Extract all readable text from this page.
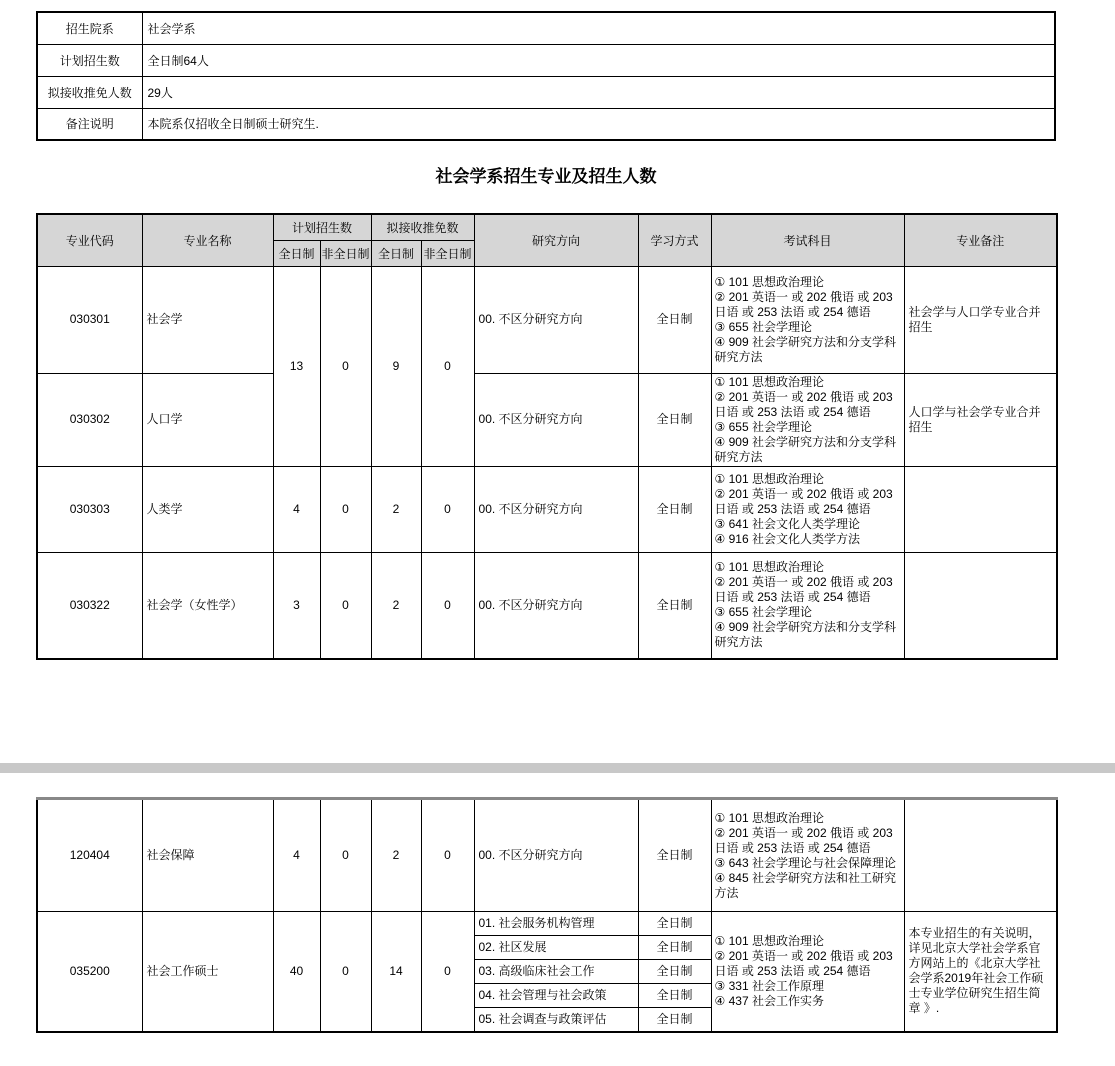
招生院系	社会学系
计划招生数	全日制64人
拟接收推免人数	29人
备注说明	本院系仅招收全日制硕士研究生.
社会学系招生专业及招生人数
专业代码	专业名称	计划招生数		拟接收推免数		研究方向	学习方式	考试科目	专业备注
		全日制	非全日制	全日制	非全日制				
030301	社会学	13	0	9	0	00. 不区分研究方向	全日制	① 101 思想政治理论
② 201 英语一 或 202 俄语 或 203 日语 或 253 法语 或 254 德语
③ 655 社会学理论
④ 909 社会学研究方法和分支学科研究方法	社会学与人口学专业合并招生
030302	人口学					00. 不区分研究方向	全日制	① 101 思想政治理论
② 201 英语一 或 202 俄语 或 203 日语 或 253 法语 或 254 德语
③ 655 社会学理论
④ 909 社会学研究方法和分支学科研究方法	人口学与社会学专业合并招生
030303	人类学	4	0	2	0	00. 不区分研究方向	全日制	① 101 思想政治理论
② 201 英语一 或 202 俄语 或 203 日语 或 253 法语 或 254 德语
③ 641 社会文化人类学理论
④ 916 社会文化人类学方法	

030322	社会学（女性学）	3	0	2	0	00. 不区分研究方向	全日制	① 101 思想政治理论
② 201 英语一 或 202 俄语 或 203 日语 或 253 法语 或 254 德语
③ 655 社会学理论
④ 909 社会学研究方法和分支学科研究方法	

120404	社会保障	4	0	2	0	00. 不区分研究方向	全日制	① 101 思想政治理论
② 201 英语一 或 202 俄语 或 203 日语 或 253 法语 或 254 德语
③ 643 社会学理论与社会保障理论
④ 845 社会学研究方法和社工研究方法	

035200	社会工作硕士	40	0	14	0	01. 社会服务机构管理	全日制	① 101 思想政治理论
② 201 英语一 或 202 俄语 或 203 日语 或 253 法语 或 254 德语
③ 331 社会工作原理
④ 437 社会工作实务	本专业招生的有关说明，详见北京大学社会学系官方网站上的《北京大学社会学系2019年社会工作硕士专业学位研究生招生简章 》.
						02. 社区发展	全日制		
						03. 高级临床社会工作	全日制		
						04. 社会管理与社会政策	全日制		
						05. 社会调查与政策评估	全日制		
